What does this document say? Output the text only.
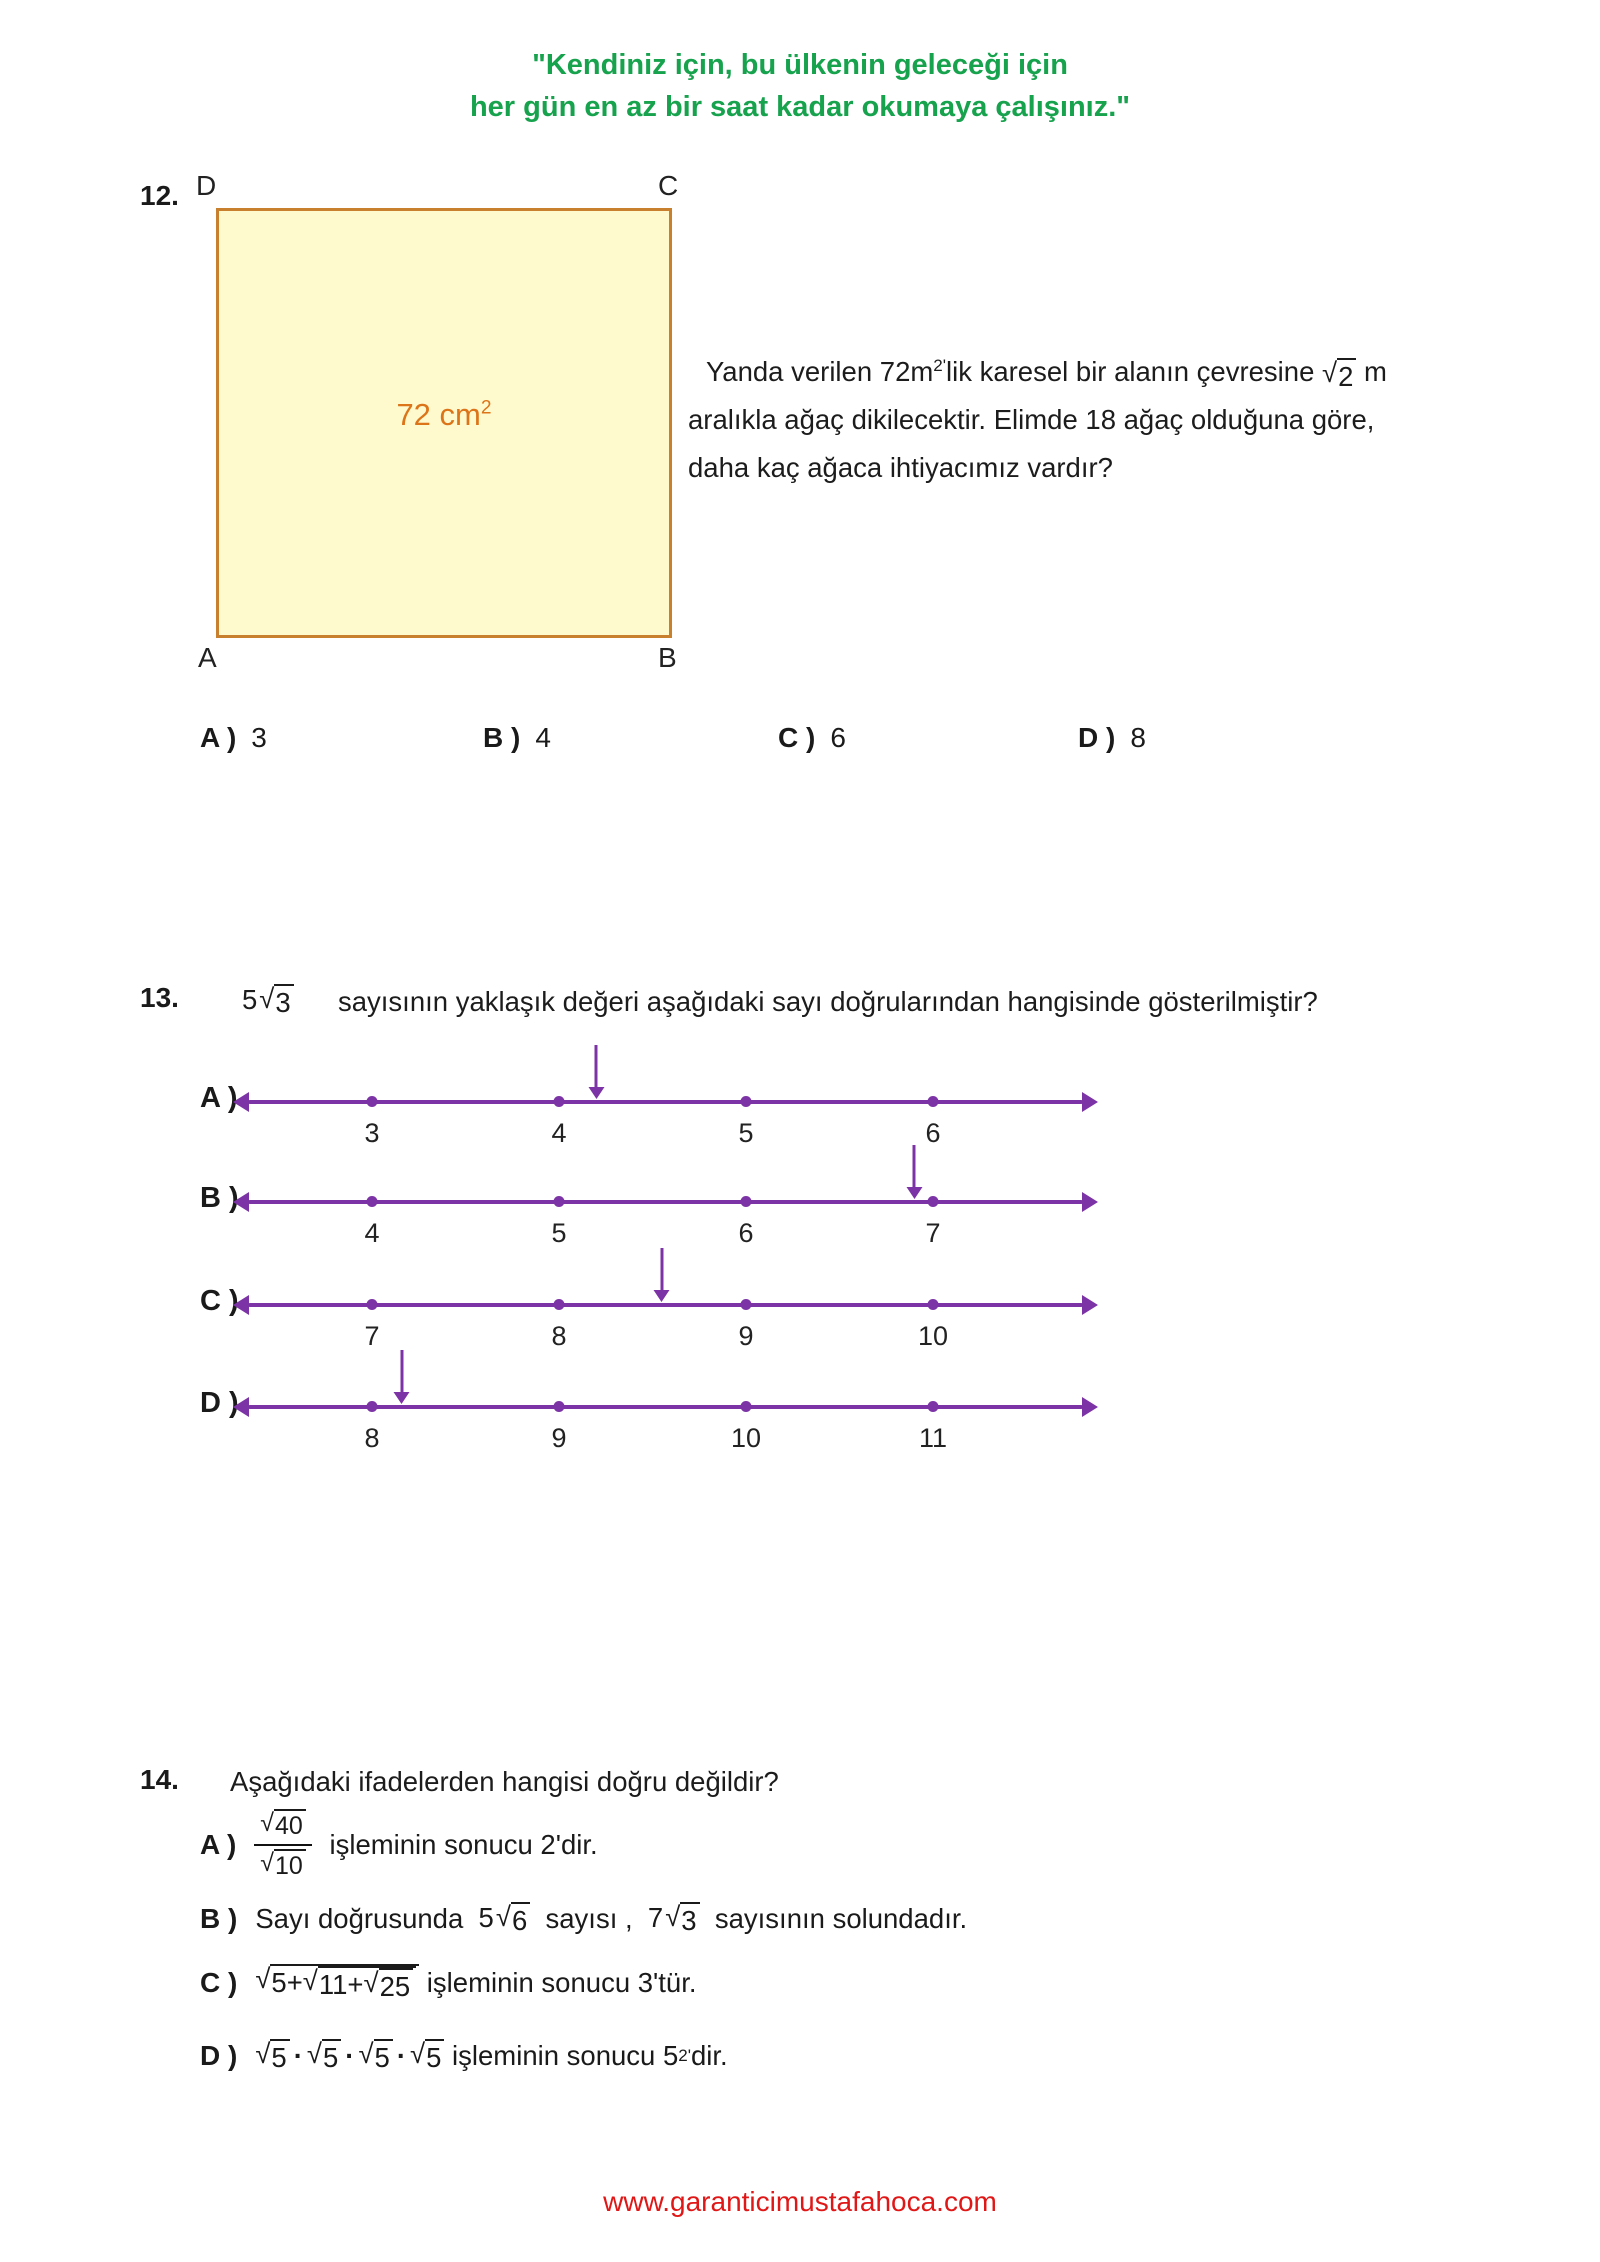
"Kendiniz için, bu ülkenin geleceği için
her gün en az bir saat kadar okumaya çalışınız."
12. D	C
A	B
72 $cm^2$
Yanda verilen $72m^{2'}lik$ karesel bir alanın çevresine √ 2 m
aralıkla ağaç dikilecektir. Elimde 18 ağaç olduğuna göre,
daha kaç ağaca ihtiyacımız vardır?
A ) 3	B ) 4	C ) 6	D ) 8
13. 5 √ 3 sayısının yaklaşık değeri aşağıdaki sayı doğrularından hangisinde gösterilmiştir?
A )
3	4	5	6
B )
4	5	6	7
C )
7	8	9	10
D )
8	9	10	11
14. Aşağıdaki ifadelerden hangisi doğru değildir?
A ) $\frac{√ 40}{√ 10}$ işleminin sonucu 2'dir.
B ) Sayı doğrusunda 5 √ 6 sayısı , 7 √ 3 sayısının solundadır.
C ) √ 5+ √ 11+ √ 25 işleminin sonucu 3'tür.
D ) √ 5 · √ 5 · √ 5 · √ 5 işleminin sonucu 5 2' dir.
www.garanticimustafahoca.com
